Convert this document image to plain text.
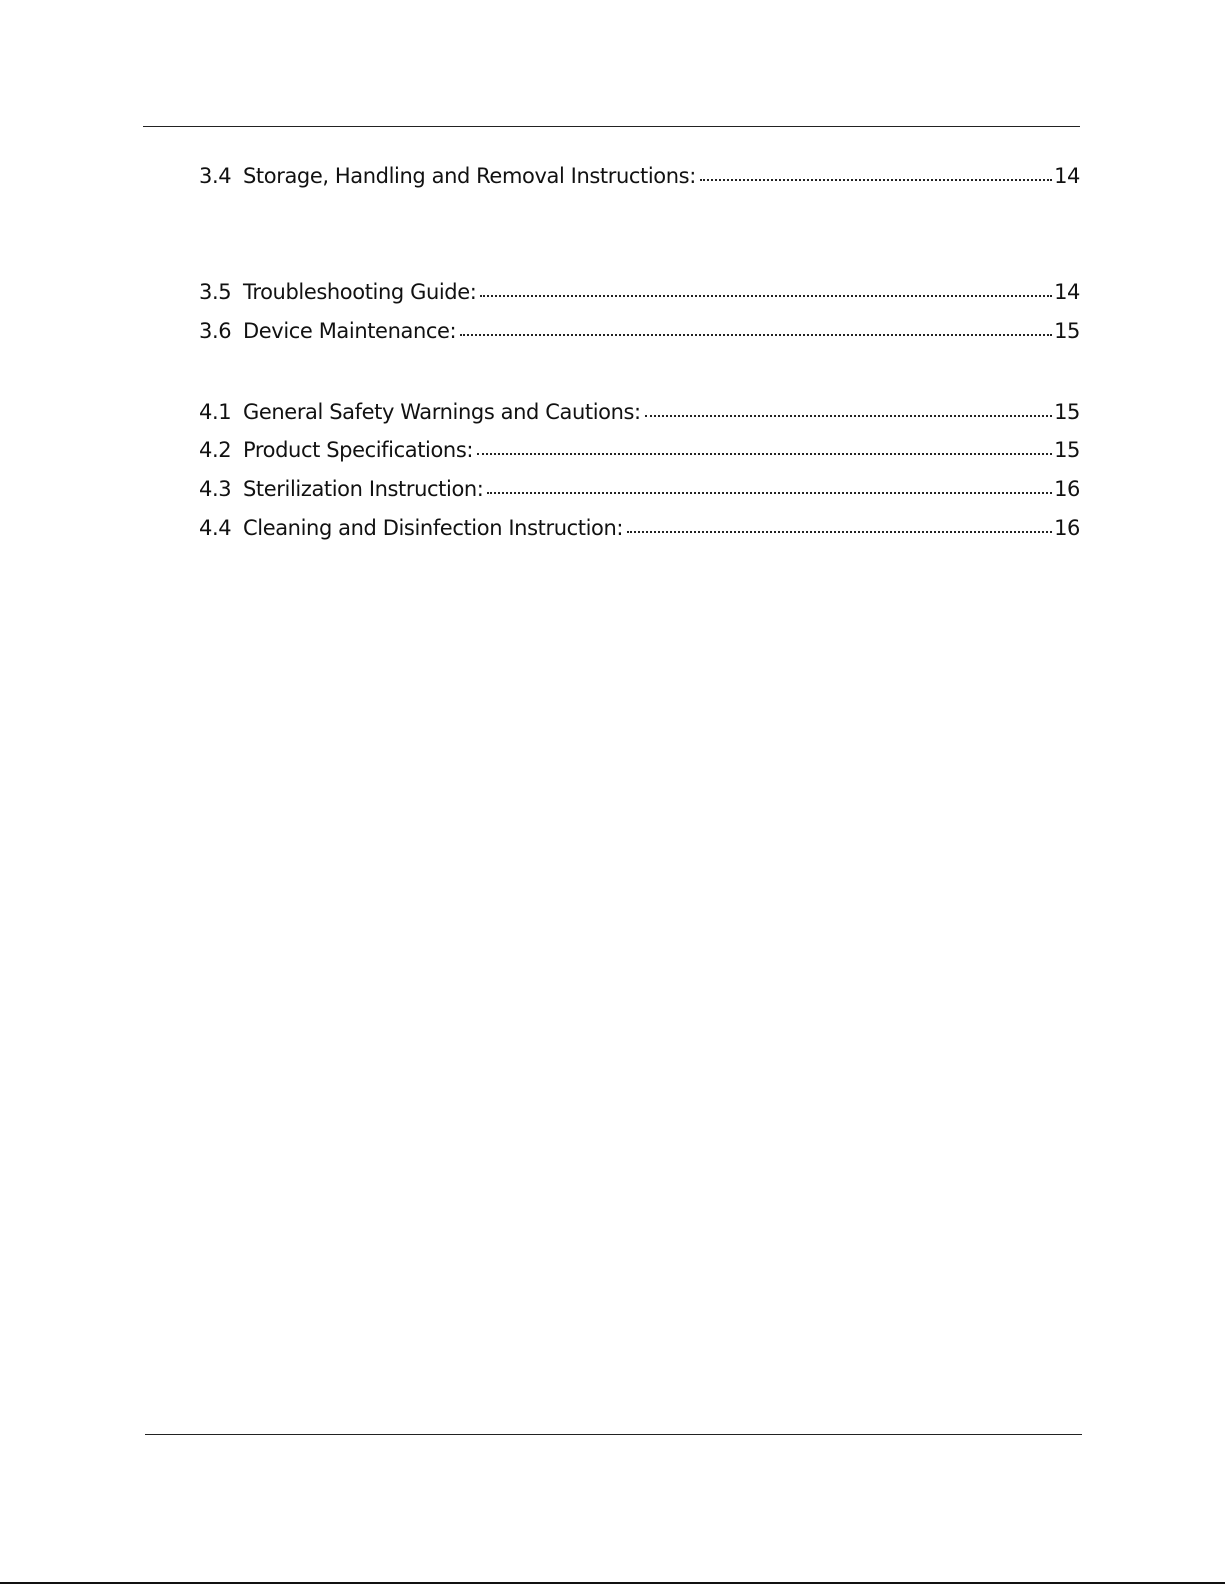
3.4 Storage, Handling and Removal Instructions:	14
3.5 Troubleshooting Guide:	14
3.6 Device Maintenance:	15
4.1 General Safety Warnings and Cautions:	15
4.2 Product Specifications:	15
4.3 Sterilization Instruction:	16
4.4 Cleaning and Disinfection Instruction:	16
